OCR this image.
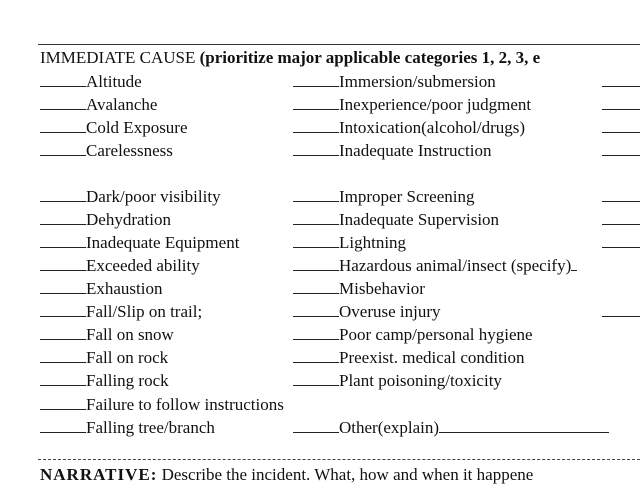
IMMEDIATE CAUSE (prioritize major applicable categories 1, 2, 3, e
Altitude
Avalanche
Cold Exposure
Carelessness
Dark/poor visibility
Dehydration
Inadequate Equipment
Exceeded ability
Exhaustion
Fall/Slip on trail;
Fall on snow
Fall on rock
Falling rock
Failure to follow instructions
Falling tree/branch
Immersion/submersion
Inexperience/poor judgment
Intoxication(alcohol/drugs)
Inadequate Instruction
Improper Screening
Inadequate Supervision
Lightning
Hazardous animal/insect (specify)
Misbehavior
Overuse injury
Poor camp/personal hygiene
Preexist. medical condition
Plant poisoning/toxicity
Other(explain)
NARRATIVE: Describe the incident. What, how and when it happene
